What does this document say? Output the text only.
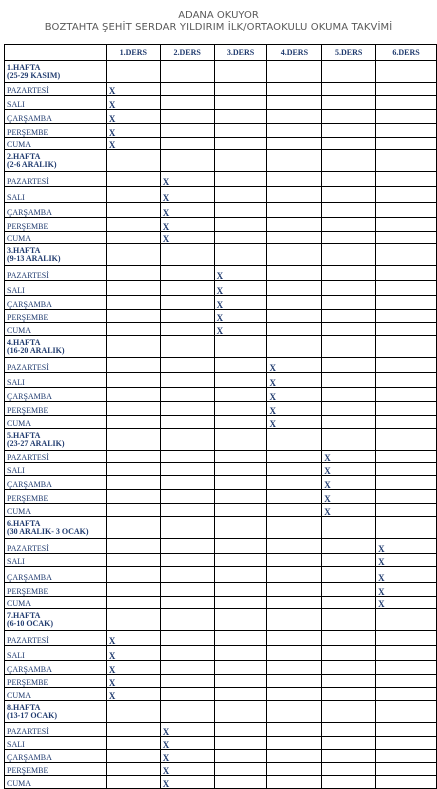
ADANA OKUYOR
BOZTAHTA ŞEHİT SERDAR YILDIRIM İLK/ORTAOKULU OKUMA TAKVİMİ
	1.DERS	2.DERS	3.DERS	4.DERS	5.DERS	6.DERS

1.HAFTA
(25-29 KASIM)						

PAZARTESİ	X					
SALI	X					
ÇARŞAMBA	X					
PERŞEMBE	X					
CUMA	X					

2.HAFTA
(2-6 ARALIK)						

PAZARTESİ		X				
SALI		X				
ÇARŞAMBA		X				
PERŞEMBE		X				
CUMA		X				

3.HAFTA
(9-13 ARALIK)						

PAZARTESİ			X			
SALI			X			
ÇARŞAMBA			X			
PERŞEMBE			X			
CUMA			X			

4.HAFTA
(16-20 ARALIK)						

PAZARTESİ				X		
SALI				X		
ÇARŞAMBA				X		
PERŞEMBE				X		
CUMA				X		

5.HAFTA
(23-27 ARALIK)						

PAZARTESİ					X	
SALI					X	
ÇARŞAMBA					X	
PERŞEMBE					X	
CUMA					X	

6.HAFTA
(30 ARALIK- 3 OCAK)						

PAZARTESİ						X
SALI						X
ÇARŞAMBA						X
PERŞEMBE						X
CUMA						X

7.HAFTA
(6-10 OCAK)						

PAZARTESİ	X					
SALI	X					
ÇARŞAMBA	X					
PERŞEMBE	X					
CUMA	X					

8.HAFTA
(13-17 OCAK)						

PAZARTESİ		X				
SALI		X				
ÇARŞAMBA		X				
PERŞEMBE		X				
CUMA		X				
